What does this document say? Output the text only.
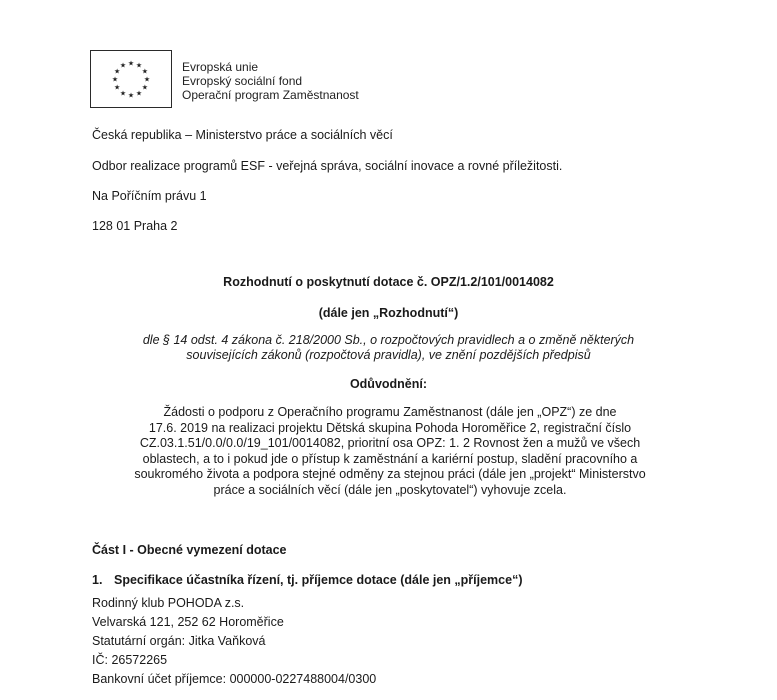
★ ★
★
★
★
★
★
★
★
★
★
★	Evropská unie
Evropský sociální fond
Operační program Zaměstnanost
Česká republika – Ministerstvo práce a sociálních věcí
Odbor realizace programů ESF - veřejná správa, sociální inovace a rovné příležitosti.
Na Poříčním právu 1
128 01 Praha 2
Rozhodnutí o poskytnutí dotace č. OPZ/1.2/101/0014082
(dále jen „Rozhodnutí“)
dle § 14 odst. 4 zákona č. 218/2000 Sb., o rozpočtových pravidlech a o změně některých
souvisejících zákonů (rozpočtová pravidla), ve znění pozdějších předpisů
Odůvodnění:
Žádosti o podporu z Operačního programu Zaměstnanost (dále jen „OPZ“) ze dne
17.6. 2019 na realizaci projektu Dětská skupina Pohoda Horoměřice 2, registrační číslo
CZ.03.1.51/0.0/0.0/19_101/0014082, prioritní osa OPZ: 1. 2 Rovnost žen a mužů ve všech
oblastech, a to i pokud jde o přístup k zaměstnání a kariérní postup, sladění pracovního a
soukromého života a podpora stejné odměny za stejnou práci (dále jen „projekt“ Ministerstvo
práce a sociálních věcí (dále jen „poskytovatel“) vyhovuje zcela.
Část I - Obecné vymezení dotace
1. Specifikace účastníka řízení, tj. příjemce dotace (dále jen „příjemce“)
Rodinný klub POHODA z.s.
Velvarská 121, 252 62 Horoměřice
Statutární orgán: Jitka Vaňková
IČ: 26572265
Bankovní účet příjemce: 000000-0227488004/0300
